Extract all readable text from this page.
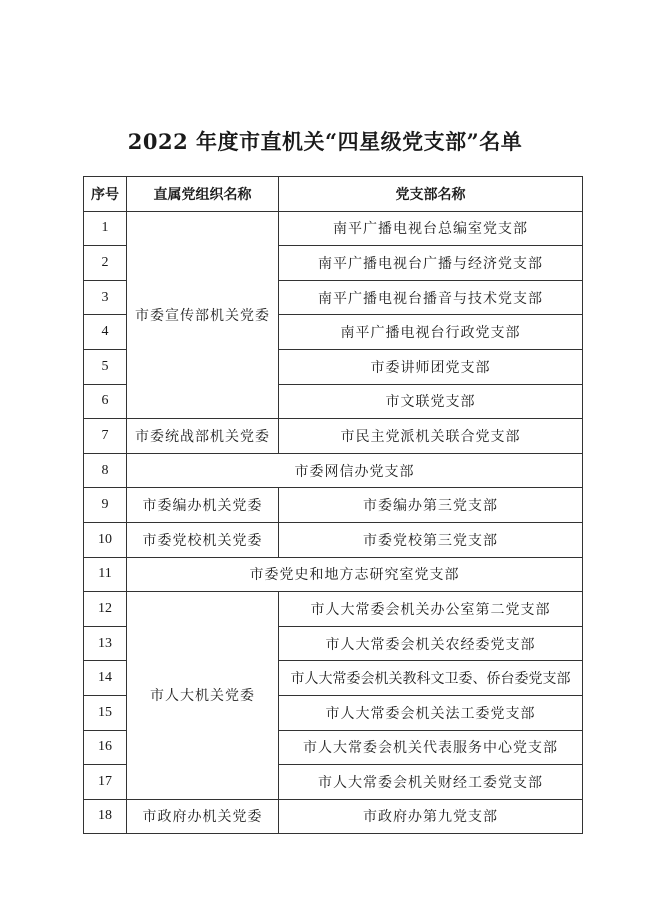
2022 年度市直机关“四星级党支部”名单
序号	直属党组织名称	党支部名称
1	市委宣传部机关党委	南平广播电视台总编室党支部
2		南平广播电视台广播与经济党支部
3		南平广播电视台播音与技术党支部
4		南平广播电视台行政党支部
5		市委讲师团党支部
6		市文联党支部
7	市委统战部机关党委	市民主党派机关联合党支部
8	市委网信办党支部	
9	市委编办机关党委	市委编办第三党支部
10	市委党校机关党委	市委党校第三党支部
11	市委党史和地方志研究室党支部	
12	市人大机关党委	市人大常委会机关办公室第二党支部
13		市人大常委会机关农经委党支部
14		市人大常委会机关教科文卫委、侨台委党支部
15		市人大常委会机关法工委党支部
16		市人大常委会机关代表服务中心党支部
17		市人大常委会机关财经工委党支部
18	市政府办机关党委	市政府办第九党支部
